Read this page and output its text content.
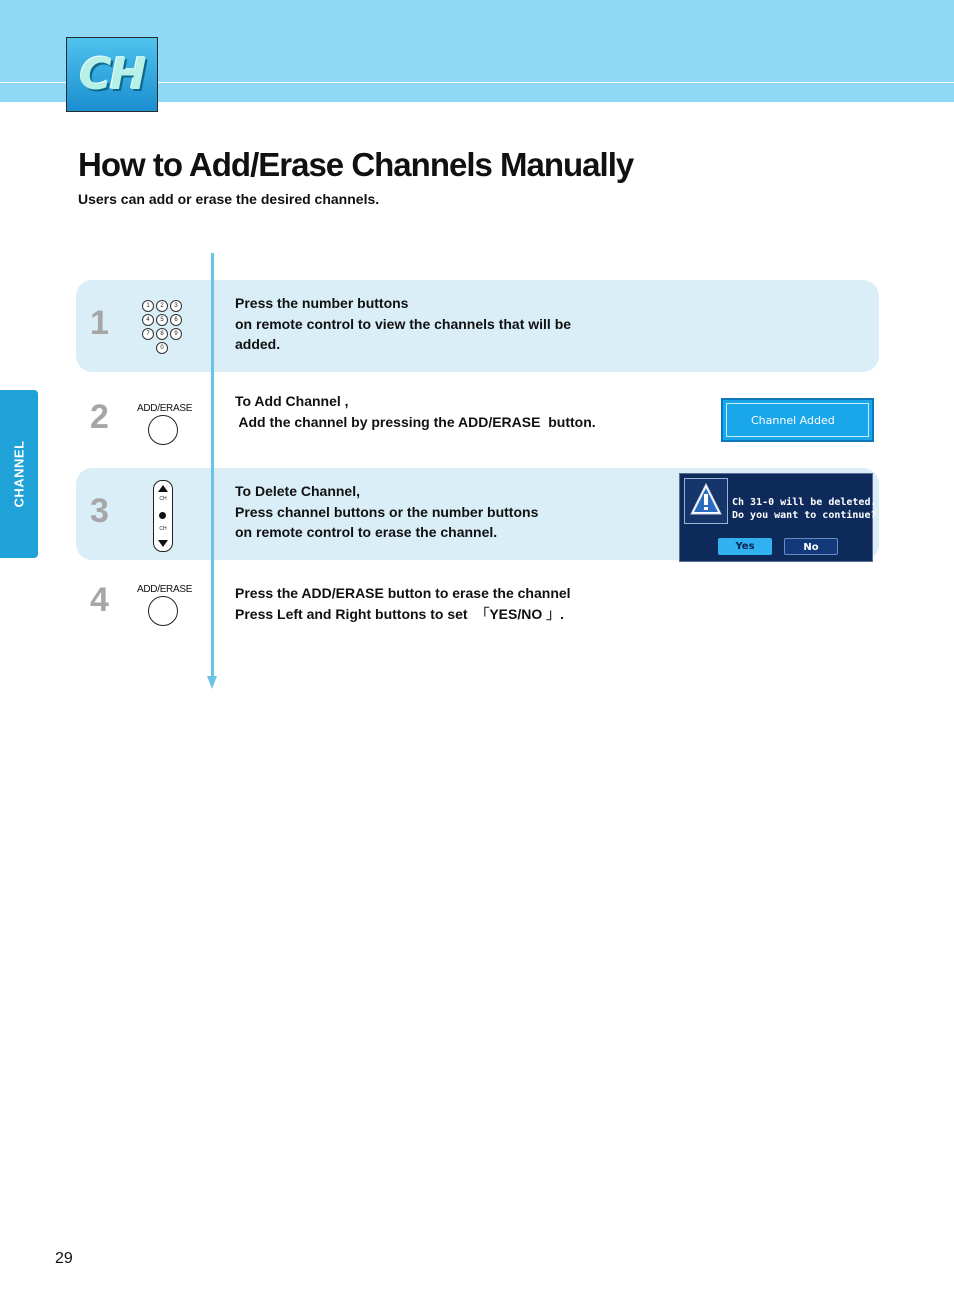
CH
How to Add/Erase Channels Manually

Users can add or erase the desired channels.

CHANNEL
1	1	2	3
4	5	6
7	8	9
0
Press the number buttons
on remote control to view the channels that will be
added.
2	ADD/ERASE	To Add Channel ,
Add the channel by pressing the ADD/ERASE  button.	Channel Added
3	CH
CH
To Delete Channel,
Press channel buttons or the number buttons
on remote control to erase the channel.
Ch 31-0 will be deleted.
Do you want to continue?
Yes	No
4	ADD/ERASE	Press the ADD/ERASE button to erase the channel
Press Left and Right buttons to set  「YES/NO 」.
29
